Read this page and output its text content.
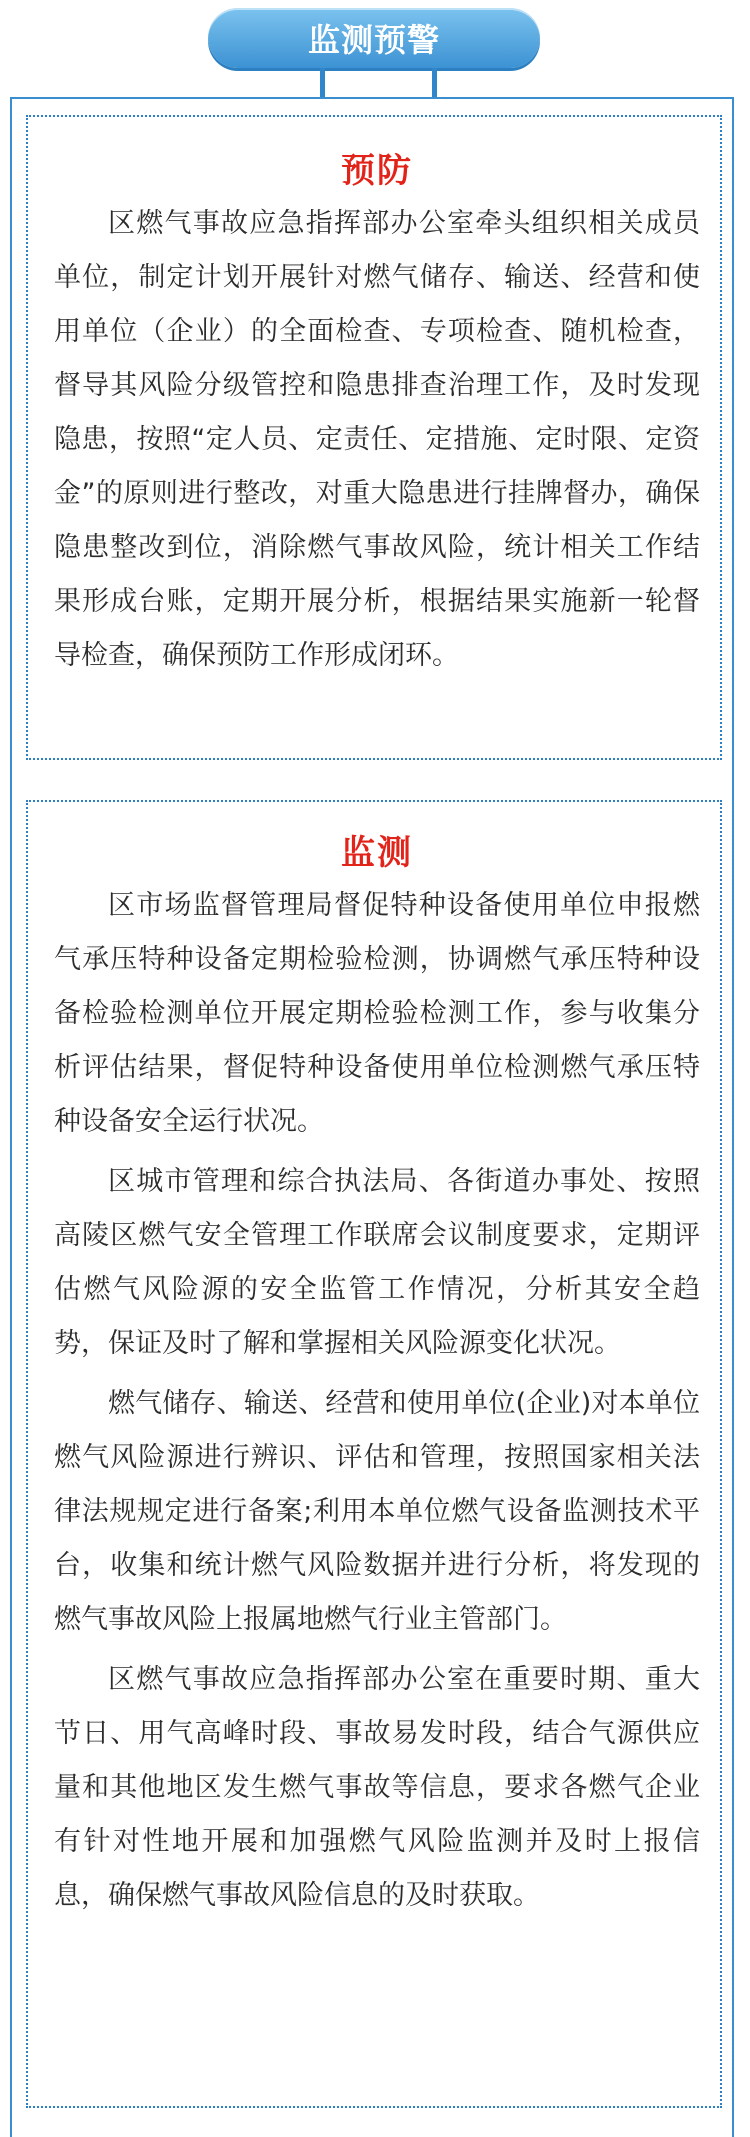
监测预警
预防

区燃气事故应急指挥部办公室牵头组织相关成员单位，制定计划开展针对燃气储存、输送、经营和使用单位（企业）的全面检查、专项检查、随机检查，督导其风险分级管控和隐患排查治理工作，及时发现隐患，按照“定人员、定责任、定措施、定时限、定资金”的原则进行整改，对重大隐患进行挂牌督办，确保隐患整改到位，消除燃气事故风险，统计相关工作结果形成台账，定期开展分析，根据结果实施新一轮督导检查，确保预防工作形成闭环。

监测

区市场监督管理局督促特种设备使用单位申报燃气承压特种设备定期检验检测，协调燃气承压特种设备检验检测单位开展定期检验检测工作，参与收集分析评估结果，督促特种设备使用单位检测燃气承压特种设备安全运行状况。

区城市管理和综合执法局、各街道办事处、按照高陵区燃气安全管理工作联席会议制度要求，定期评估燃气风险源的安全监管工作情况，分析其安全趋势，保证及时了解和掌握相关风险源变化状况。

燃气储存、输送、经营和使用单位(企业)对本单位燃气风险源进行辨识、评估和管理，按照国家相关法律法规规定进行备案;利用本单位燃气设备监测技术平台，收集和统计燃气风险数据并进行分析，将发现的燃气事故风险上报属地燃气行业主管部门。

区燃气事故应急指挥部办公室在重要时期、重大节日、用气高峰时段、事故易发时段，结合气源供应量和其他地区发生燃气事故等信息，要求各燃气企业有针对性地开展和加强燃气风险监测并及时上报信息，确保燃气事故风险信息的及时获取。
